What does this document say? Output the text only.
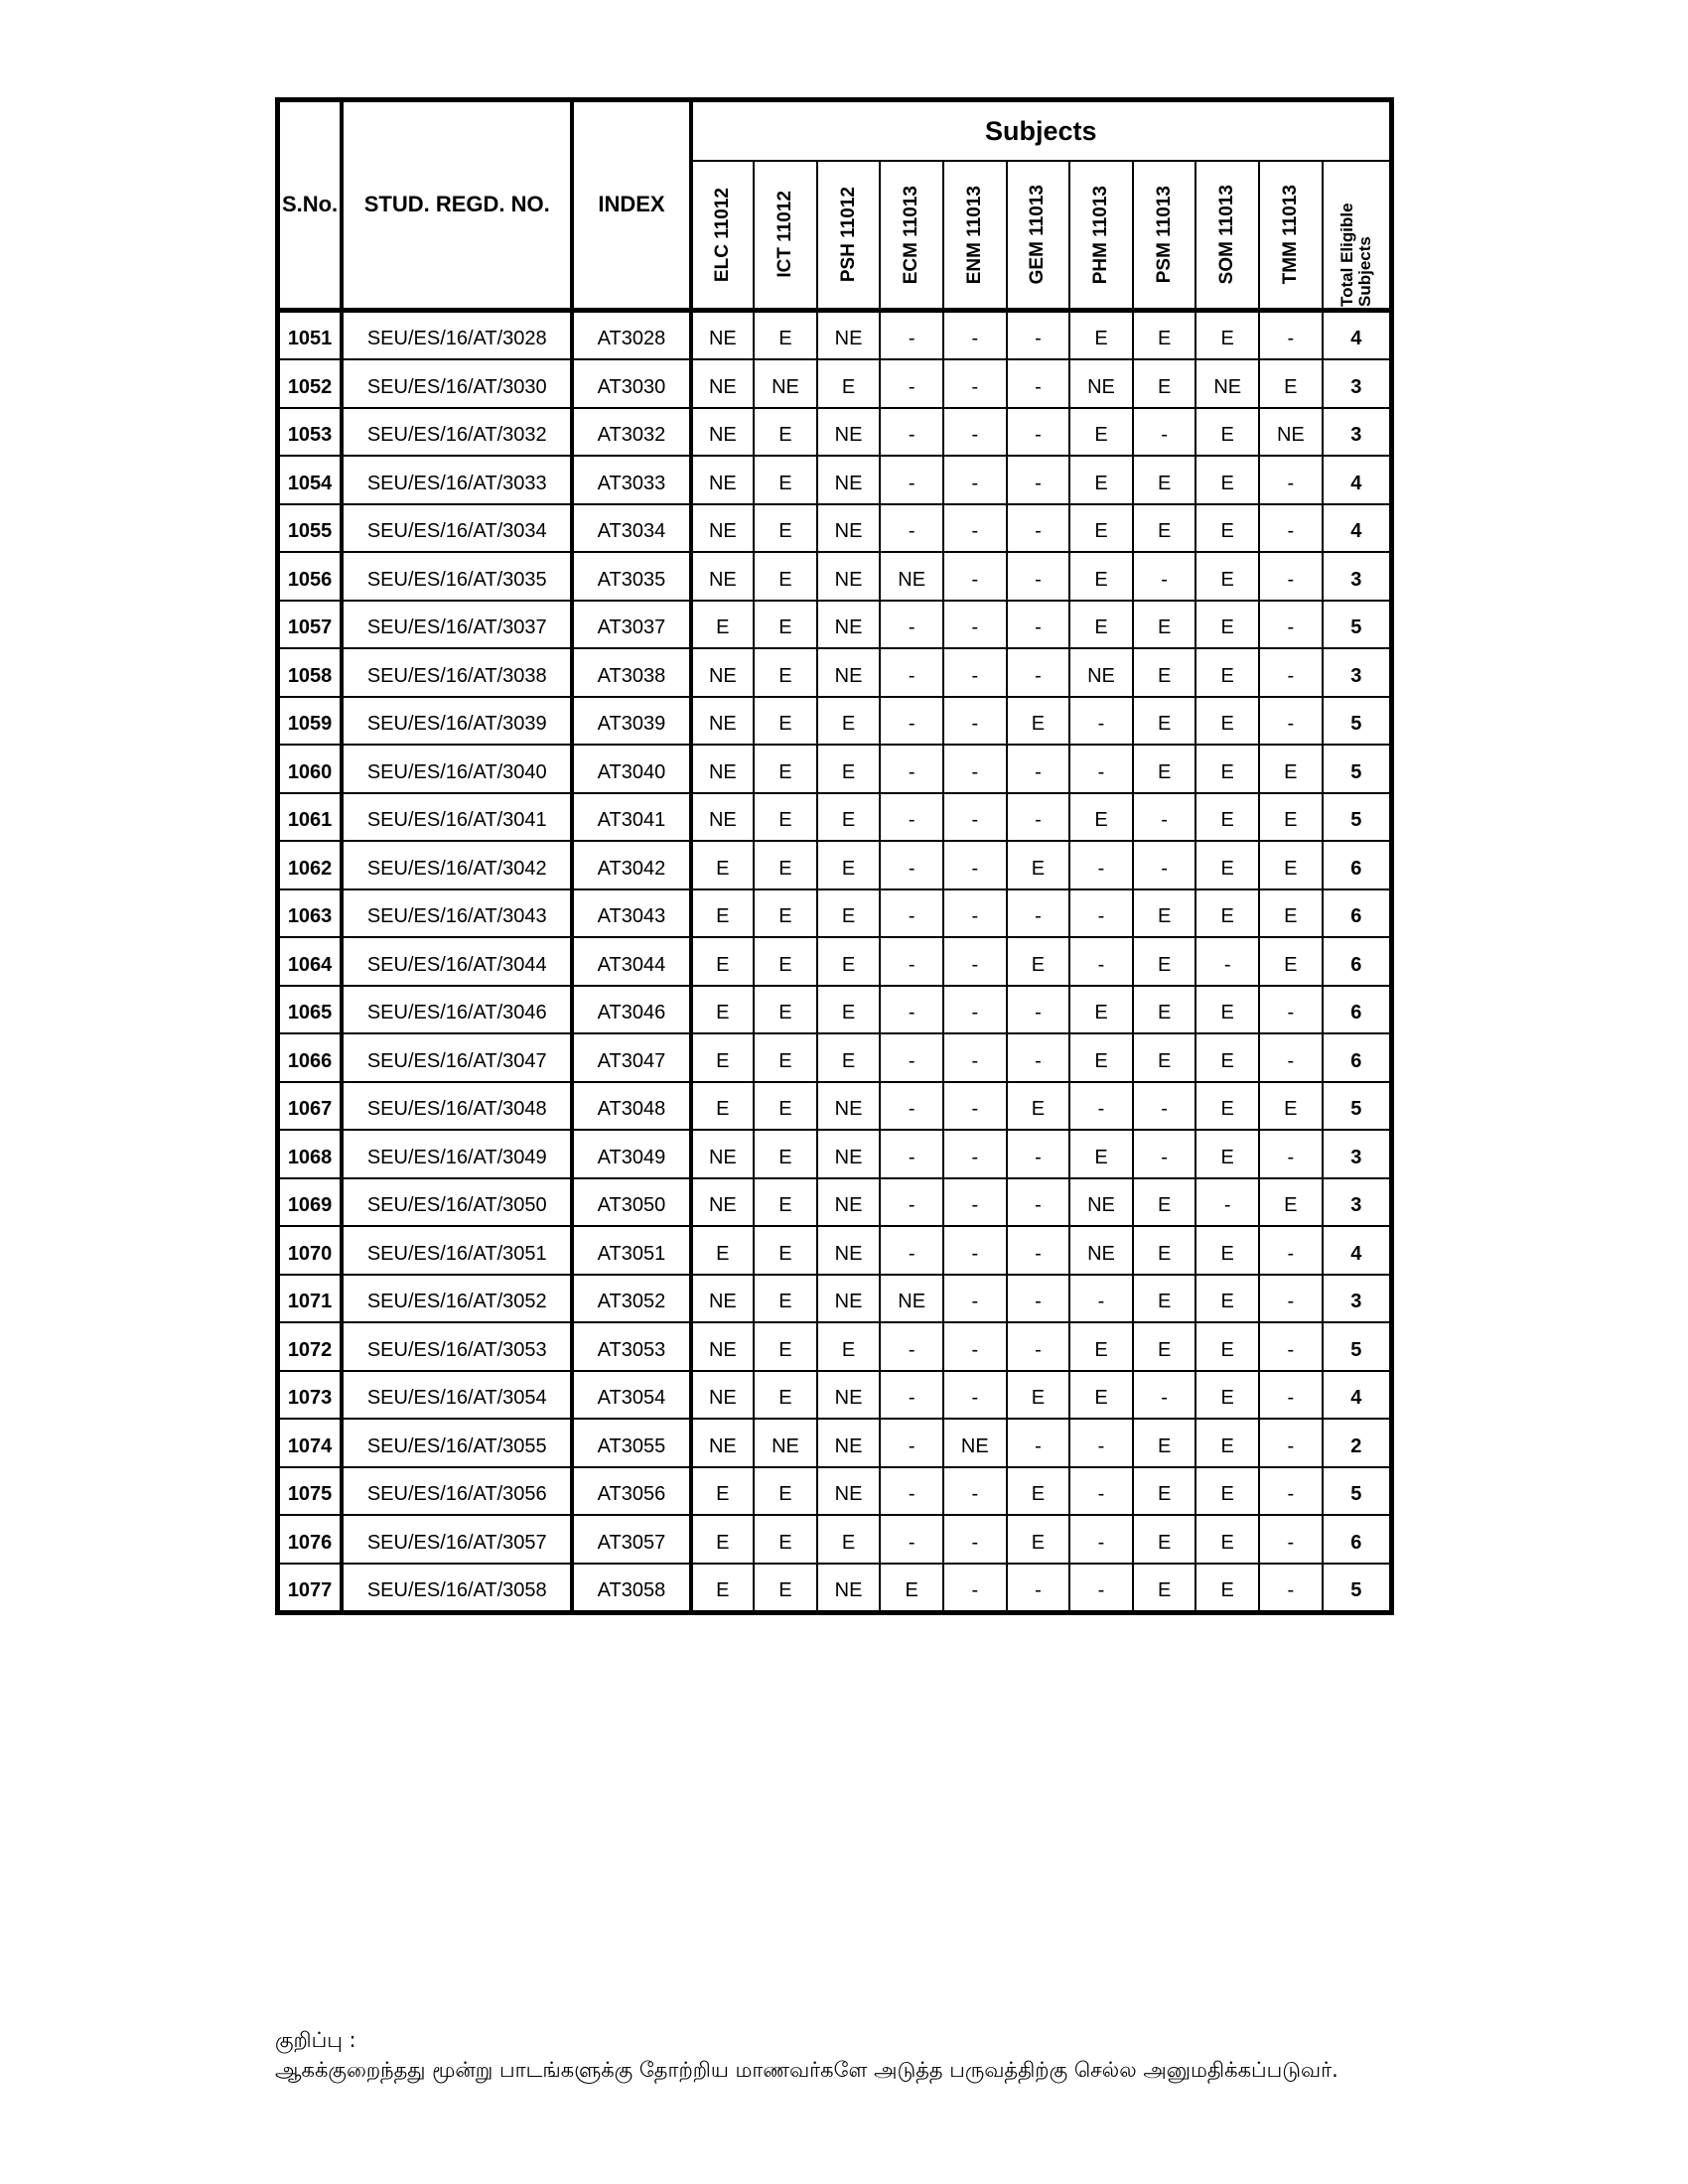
S.No.	STUD. REGD. NO.	INDEX	Subjects										

			ELC 11012	ICT 11012	PSH 11012	ECM 11013	ENM 11013	GEM 11013	PHM 11013	PSM 11013	SOM 11013	TMM 11013	Total Eligible Subjects

1051	SEU/ES/16/AT/3028	AT3028	NE	E	NE	-	-	-	E	E	E	-	4
1052	SEU/ES/16/AT/3030	AT3030	NE	NE	E	-	-	-	NE	E	NE	E	3
1053	SEU/ES/16/AT/3032	AT3032	NE	E	NE	-	-	-	E	-	E	NE	3
1054	SEU/ES/16/AT/3033	AT3033	NE	E	NE	-	-	-	E	E	E	-	4
1055	SEU/ES/16/AT/3034	AT3034	NE	E	NE	-	-	-	E	E	E	-	4
1056	SEU/ES/16/AT/3035	AT3035	NE	E	NE	NE	-	-	E	-	E	-	3
1057	SEU/ES/16/AT/3037	AT3037	E	E	NE	-	-	-	E	E	E	-	5
1058	SEU/ES/16/AT/3038	AT3038	NE	E	NE	-	-	-	NE	E	E	-	3
1059	SEU/ES/16/AT/3039	AT3039	NE	E	E	-	-	E	-	E	E	-	5
1060	SEU/ES/16/AT/3040	AT3040	NE	E	E	-	-	-	-	E	E	E	5
1061	SEU/ES/16/AT/3041	AT3041	NE	E	E	-	-	-	E	-	E	E	5
1062	SEU/ES/16/AT/3042	AT3042	E	E	E	-	-	E	-	-	E	E	6
1063	SEU/ES/16/AT/3043	AT3043	E	E	E	-	-	-	-	E	E	E	6
1064	SEU/ES/16/AT/3044	AT3044	E	E	E	-	-	E	-	E	-	E	6
1065	SEU/ES/16/AT/3046	AT3046	E	E	E	-	-	-	E	E	E	-	6
1066	SEU/ES/16/AT/3047	AT3047	E	E	E	-	-	-	E	E	E	-	6
1067	SEU/ES/16/AT/3048	AT3048	E	E	NE	-	-	E	-	-	E	E	5
1068	SEU/ES/16/AT/3049	AT3049	NE	E	NE	-	-	-	E	-	E	-	3
1069	SEU/ES/16/AT/3050	AT3050	NE	E	NE	-	-	-	NE	E	-	E	3
1070	SEU/ES/16/AT/3051	AT3051	E	E	NE	-	-	-	NE	E	E	-	4
1071	SEU/ES/16/AT/3052	AT3052	NE	E	NE	NE	-	-	-	E	E	-	3
1072	SEU/ES/16/AT/3053	AT3053	NE	E	E	-	-	-	E	E	E	-	5
1073	SEU/ES/16/AT/3054	AT3054	NE	E	NE	-	-	E	E	-	E	-	4
1074	SEU/ES/16/AT/3055	AT3055	NE	NE	NE	-	NE	-	-	E	E	-	2
1075	SEU/ES/16/AT/3056	AT3056	E	E	NE	-	-	E	-	E	E	-	5
1076	SEU/ES/16/AT/3057	AT3057	E	E	E	-	-	E	-	E	E	-	6
1077	SEU/ES/16/AT/3058	AT3058	E	E	NE	E	-	-	-	E	E	-	5
குறிப்பு :
ஆகக்குறைந்தது மூன்று பாடங்களுக்கு தோற்றிய மாணவர்களே அடுத்த பருவத்திற்கு செல்ல அனுமதிக்கப்படுவர்.
